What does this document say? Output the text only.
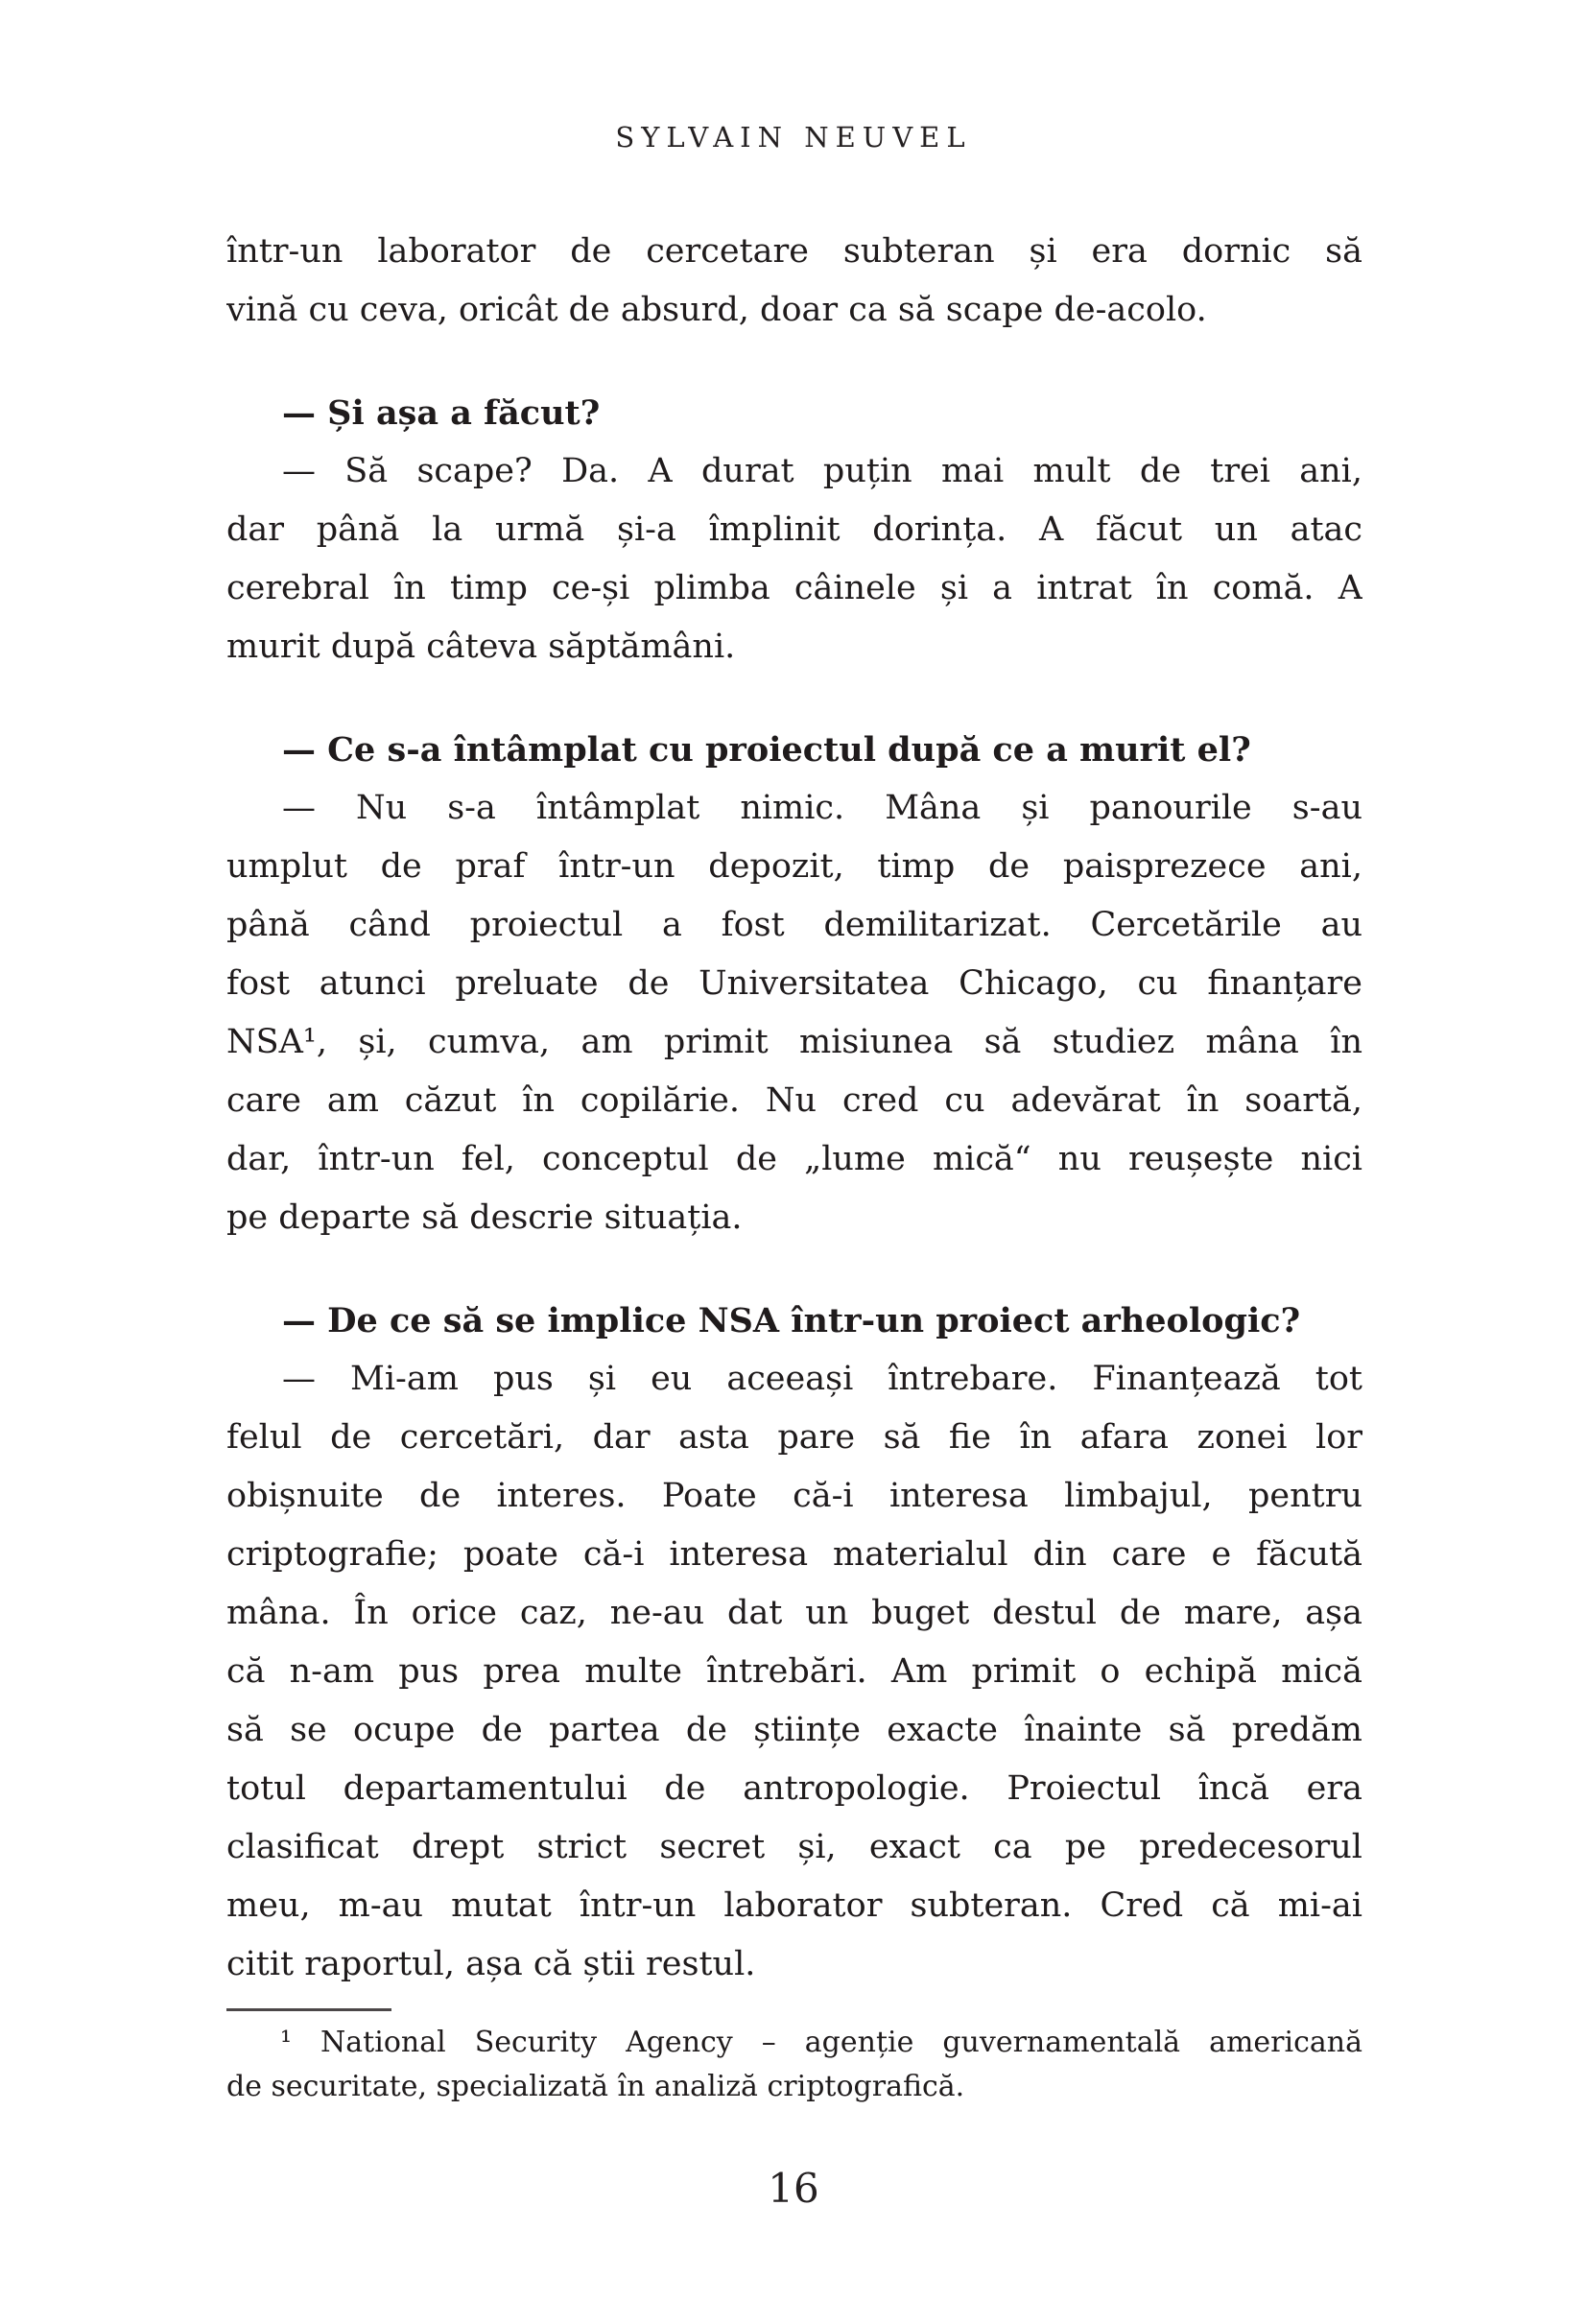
SYLVAIN NEUVEL
într-un laborator de cercetare subteran și era dornic să
vină cu ceva, oricât de absurd, doar ca să scape de-acolo.
— Și așa a făcut?
— Să scape? Da. A durat puțin mai mult de trei ani,
dar până la urmă și-a împlinit dorința. A făcut un atac
cerebral în timp ce-și plimba câinele și a intrat în comă. A
murit după câteva săptămâni.
— Ce s-a întâmplat cu proiectul după ce a murit el?
— Nu s-a întâmplat nimic. Mâna și panourile s-au
umplut de praf într-un depozit, timp de paisprezece ani,
până când proiectul a fost demilitarizat. Cercetările au
fost atunci preluate de Universitatea Chicago, cu finanțare
NSA¹, și, cumva, am primit misiunea să studiez mâna în
care am căzut în copilărie. Nu cred cu adevărat în soartă,
dar, într-un fel, conceptul de „lume mică“ nu reușește nici
pe departe să descrie situația.
— De ce să se implice NSA într-un proiect arheologic?
— Mi-am pus și eu aceeași întrebare. Finanțează tot
felul de cercetări, dar asta pare să fie în afara zonei lor
obișnuite de interes. Poate că-i interesa limbajul, pentru
criptografie; poate că-i interesa materialul din care e făcută
mâna. În orice caz, ne-au dat un buget destul de mare, așa
că n-am pus prea multe întrebări. Am primit o echipă mică
să se ocupe de partea de științe exacte înainte să predăm
totul departamentului de antropologie. Proiectul încă era
clasificat drept strict secret și, exact ca pe predecesorul
meu, m-au mutat într-un laborator subteran. Cred că mi-ai
citit raportul, așa că știi restul.
¹ National Security Agency – agenție guvernamentală americană
de securitate, specializată în analiză criptografică.
16
